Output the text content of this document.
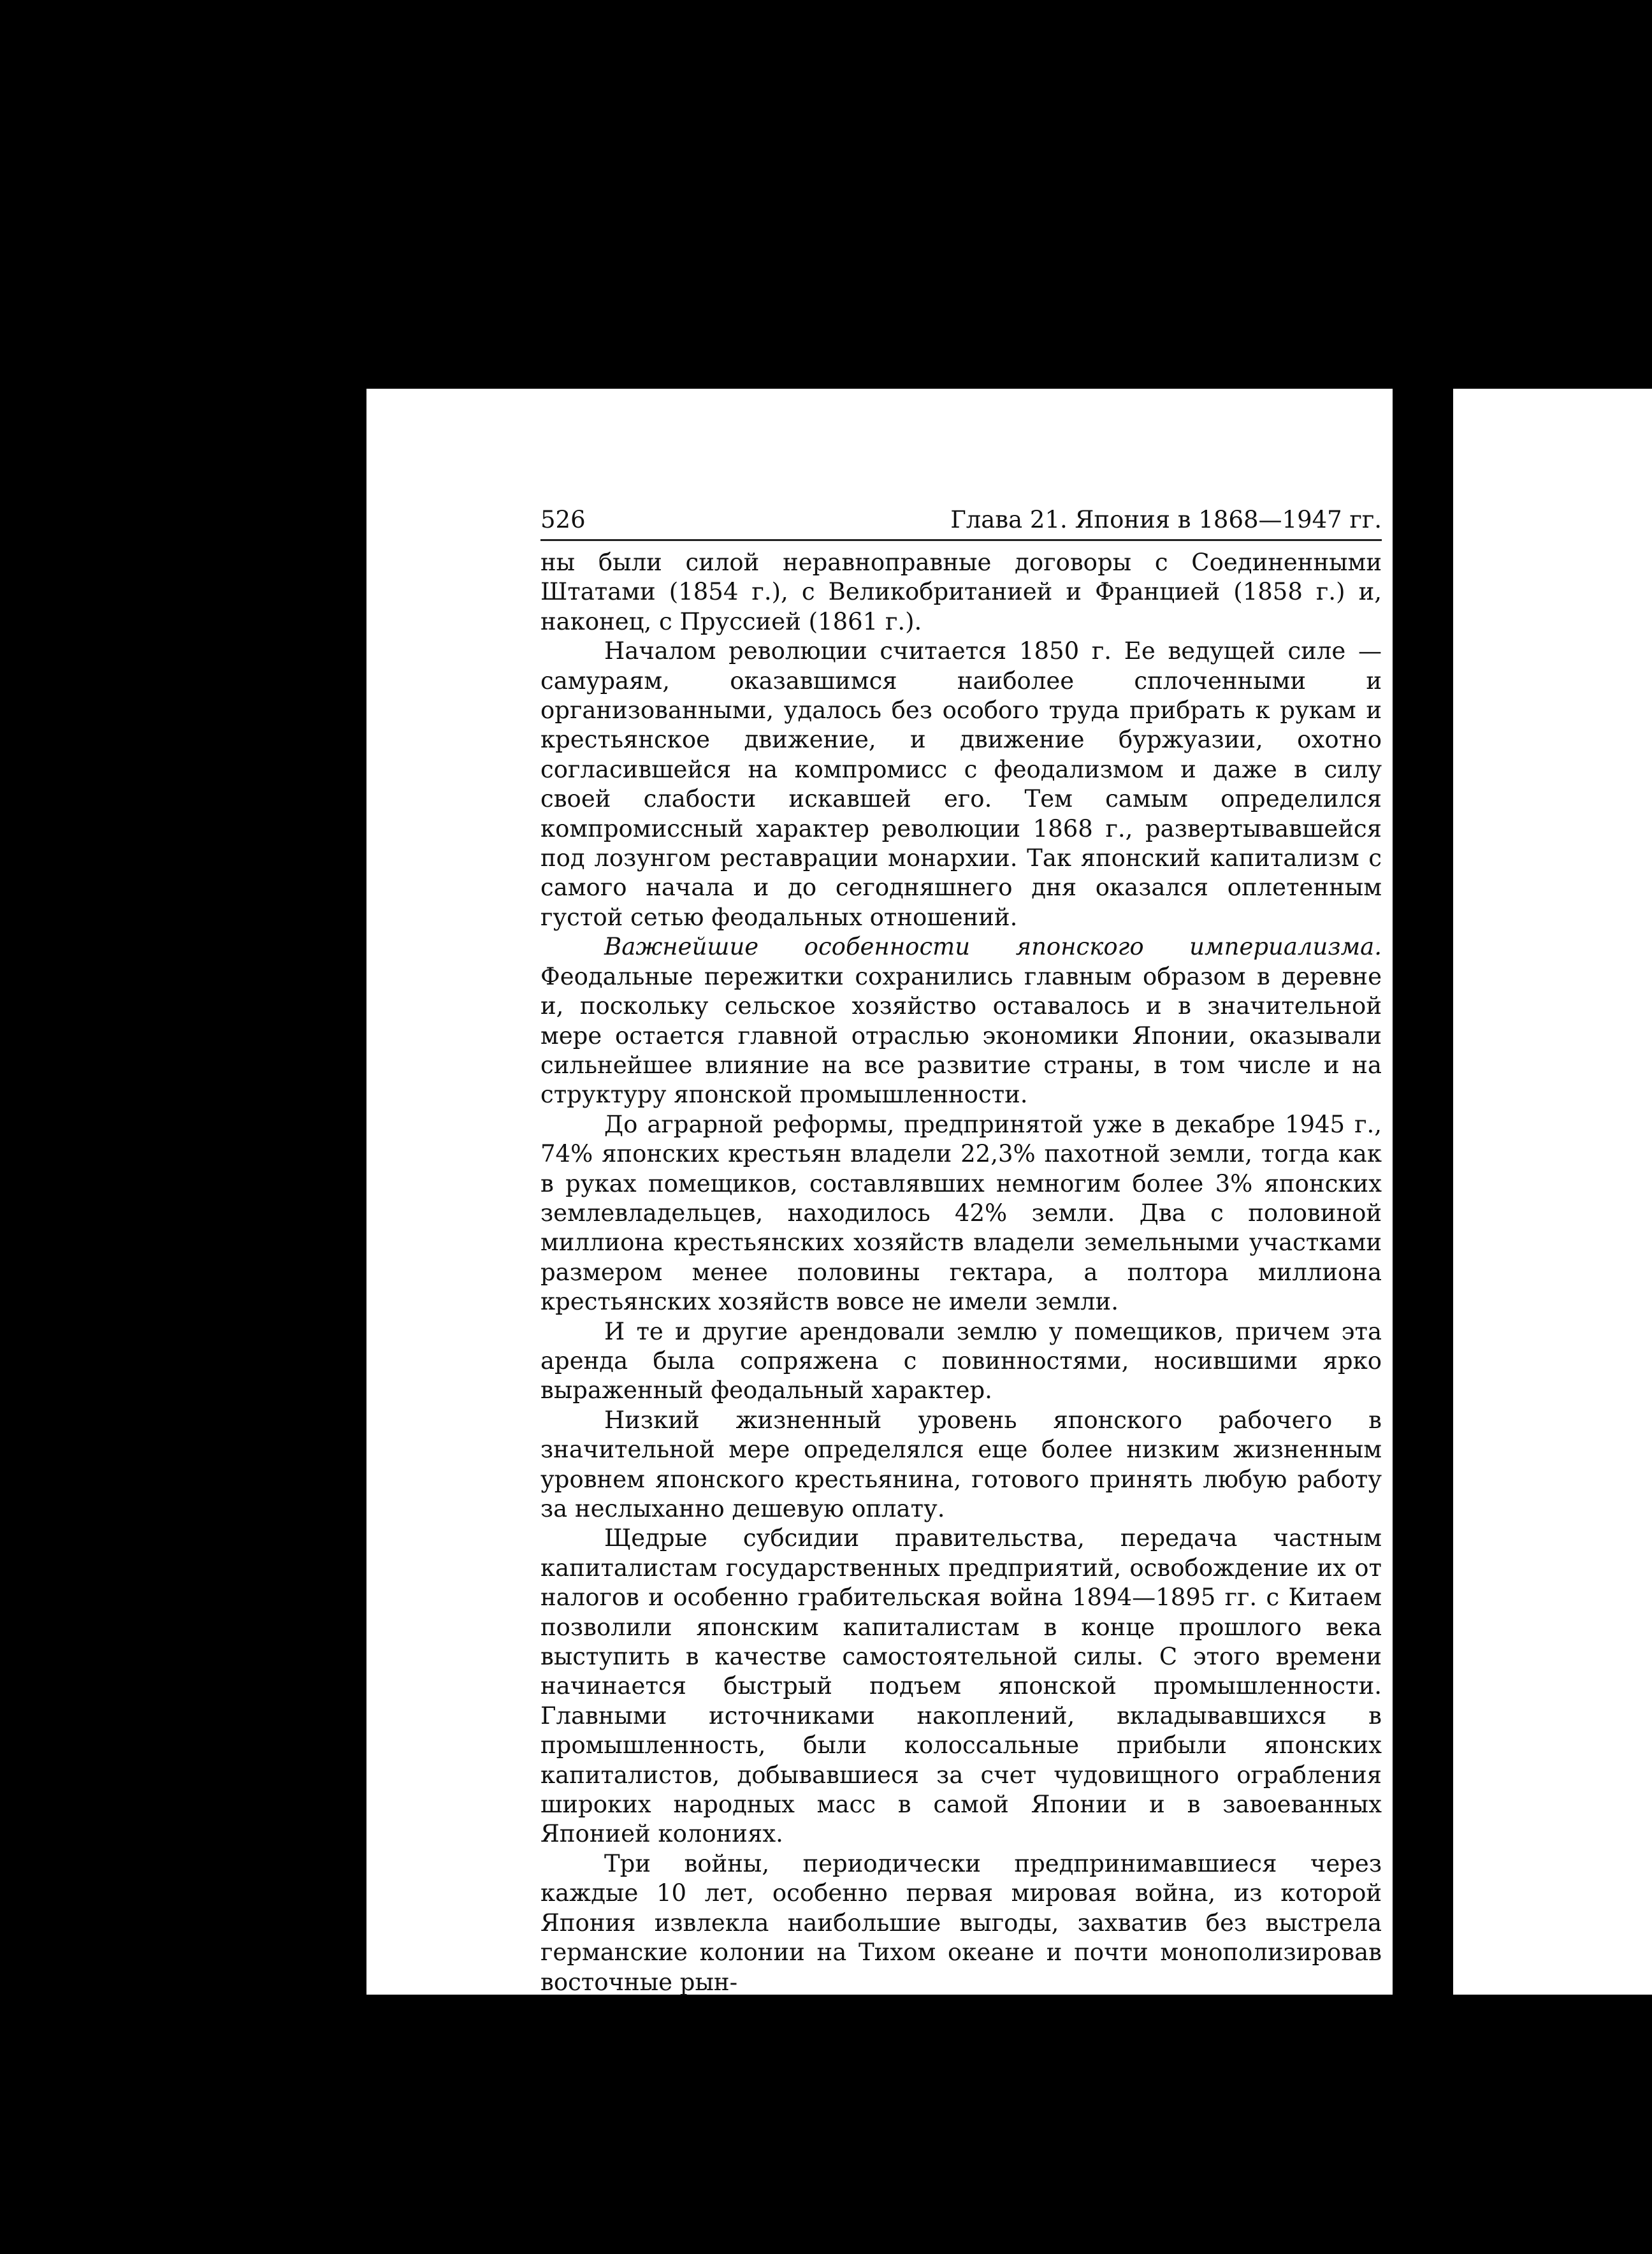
526	Глава 21. Япония в 1868—1947 гг.

ны были силой неравноправные договоры с Соединенными Штатами (1854 г.), с Великобританией и Францией (1858 г.) и, наконец, с Пруссией (1861 г.).

Началом революции считается 1850 г. Ее ведущей силе — самураям, оказавшимся наиболее сплоченными и организованными, удалось без особого труда прибрать к рукам и крестьянское движение, и движение буржуазии, охотно согласившейся на компромисс с феодализмом и даже в силу своей слабости искавшей его. Тем самым определился компромиссный характер революции 1868 г., развертывавшейся под лозунгом реставрации монархии. Так японский капитализм с самого начала и до сегодняшнего дня оказался оплетенным густой сетью феодальных отношений.

Важнейшие особенности японского империализма. Феодальные пережитки сохранились главным образом в деревне и, поскольку сельское хозяйство оставалось и в значительной мере остается главной отраслью экономики Японии, оказывали сильнейшее влияние на все развитие страны, в том числе и на структуру японской промышленности.

До аграрной реформы, предпринятой уже в декабре 1945 г., 74% японских крестьян владели 22,3% пахотной земли, тогда как в руках помещиков, составлявших немногим более 3% японских землевладельцев, находилось 42% земли. Два с половиной миллиона крестьянских хозяйств владели земельными участками размером менее половины гектара, а полтора миллиона крестьянских хозяйств вовсе не имели земли.

И те и другие арендовали землю у помещиков, причем эта аренда была сопряжена с повинностями, носившими ярко выраженный феодальный характер.

Низкий жизненный уровень японского рабочего в значительной мере определялся еще более низким жизненным уровнем японского крестьянина, готового принять любую работу за неслыханно дешевую оплату.

Щедрые субсидии правительства, передача частным капиталистам государственных предприятий, освобождение их от налогов и особенно грабительская война 1894—1895 гг. с Китаем позволили японским капиталистам в конце прошлого века выступить в качестве самостоятельной силы. С этого времени начинается быстрый подъем японской промышленности. Главными источниками накоплений, вкладывавшихся в промышленность, были колоссальные прибыли японских капиталистов, добывавшиеся за счет чудовищного ограбления широких народных масс в самой Японии и в завоеванных Японией колониях.

Три войны, периодически предпринимавшиеся через каждые 10 лет, особенно первая мировая война, из которой Япония извлекла наибольшие выгоды, захватив без выстрела германские колонии на Тихом океане и почти монополизировав восточные рын-
